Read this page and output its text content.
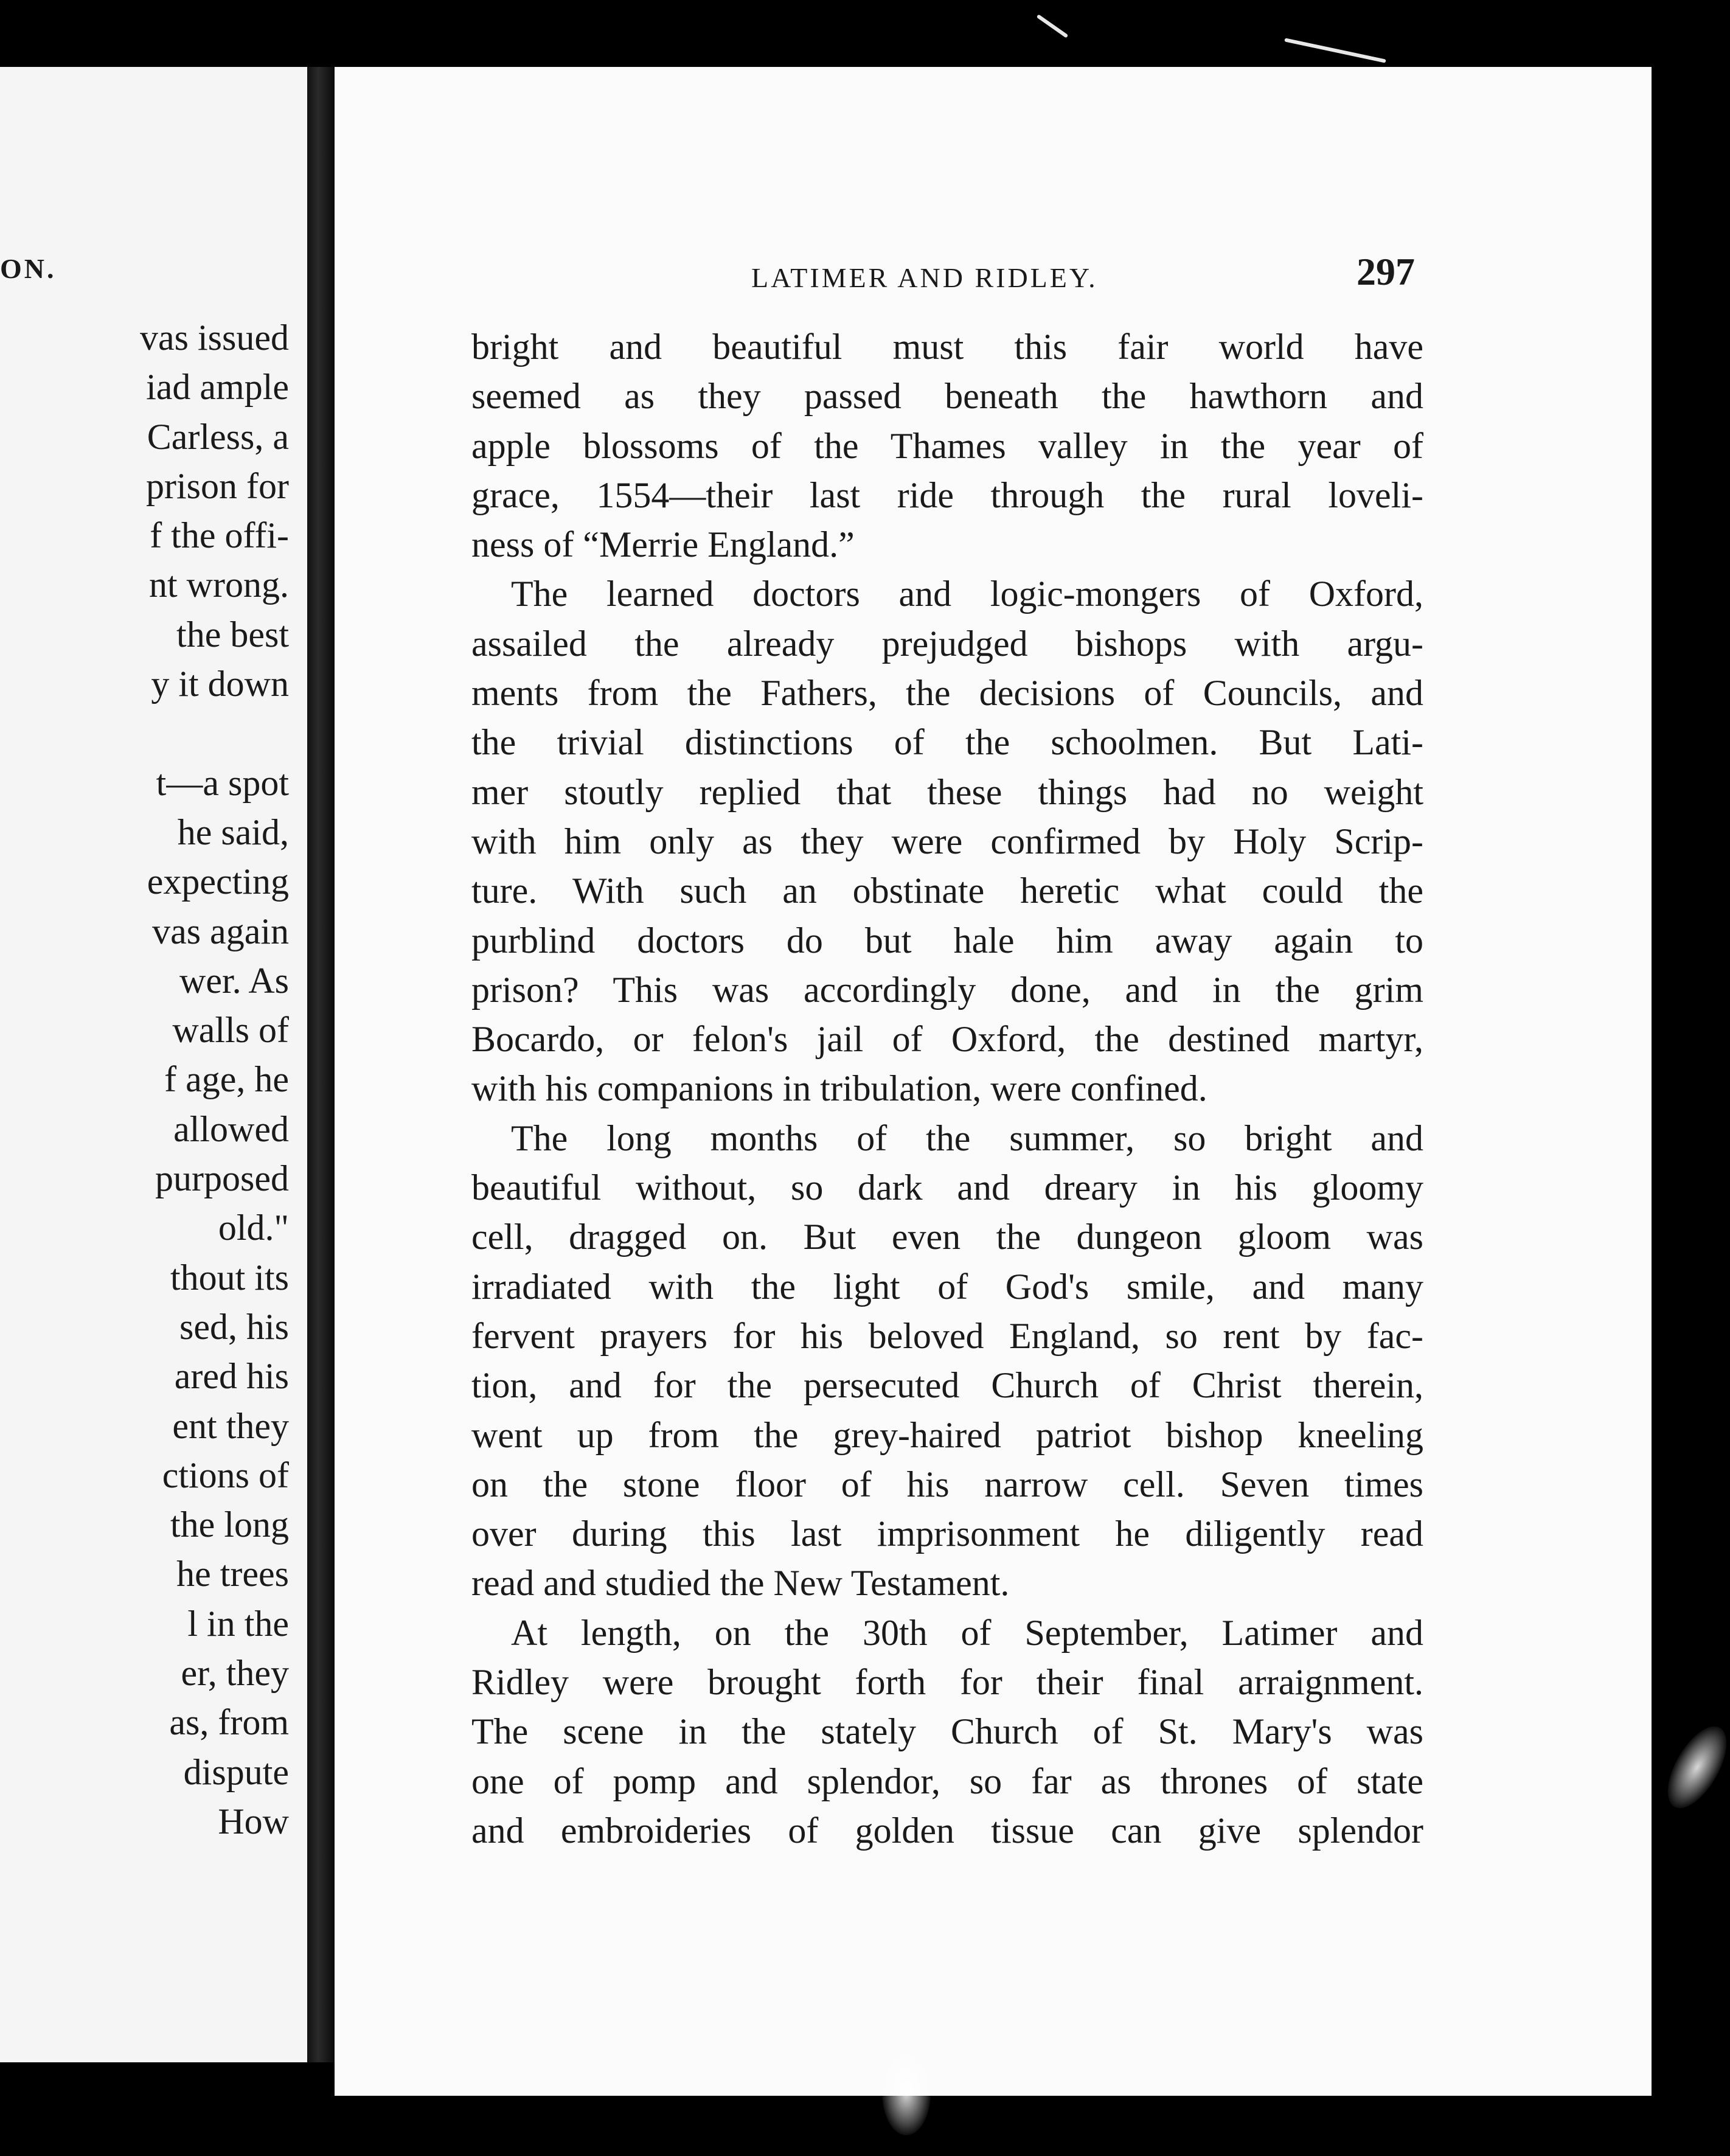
ON.
vas issued
iad ample
Carless, a
prison for
f the offi-
nt wrong.
the best
y it down
t—a spot
he said,
expecting
vas again
wer. As
walls of
f age, he
allowed
purposed
old."
thout its
sed, his
ared his
ent they
ctions of
the long
he trees
l in the
er, they
as, from
dispute
How
LATIMER AND RIDLEY.	297
bright and beautiful must this fair world have
seemed as they passed beneath the hawthorn and
apple blossoms of the Thames valley in the year of
grace, 1554—their last ride through the rural loveli-
ness of “Merrie England.”
The learned doctors and logic-mongers of Oxford,
assailed the already prejudged bishops with argu-
ments from the Fathers, the decisions of Councils, and
the trivial distinctions of the schoolmen. But Lati-
mer stoutly replied that these things had no weight
with him only as they were confirmed by Holy Scrip-
ture. With such an obstinate heretic what could the
purblind doctors do but hale him away again to
prison? This was accordingly done, and in the grim
Bocardo, or felon's jail of Oxford, the destined martyr,
with his companions in tribulation, were confined.
The long months of the summer, so bright and
beautiful without, so dark and dreary in his gloomy
cell, dragged on. But even the dungeon gloom was
irradiated with the light of God's smile, and many
fervent prayers for his beloved England, so rent by fac-
tion, and for the persecuted Church of Christ therein,
went up from the grey-haired patriot bishop kneeling
on the stone floor of his narrow cell. Seven times
over during this last imprisonment he diligently read
read and studied the New Testament.
At length, on the 30th of September, Latimer and
Ridley were brought forth for their final arraignment.
The scene in the stately Church of St. Mary's was
one of pomp and splendor, so far as thrones of state
and embroideries of golden tissue can give splendor
